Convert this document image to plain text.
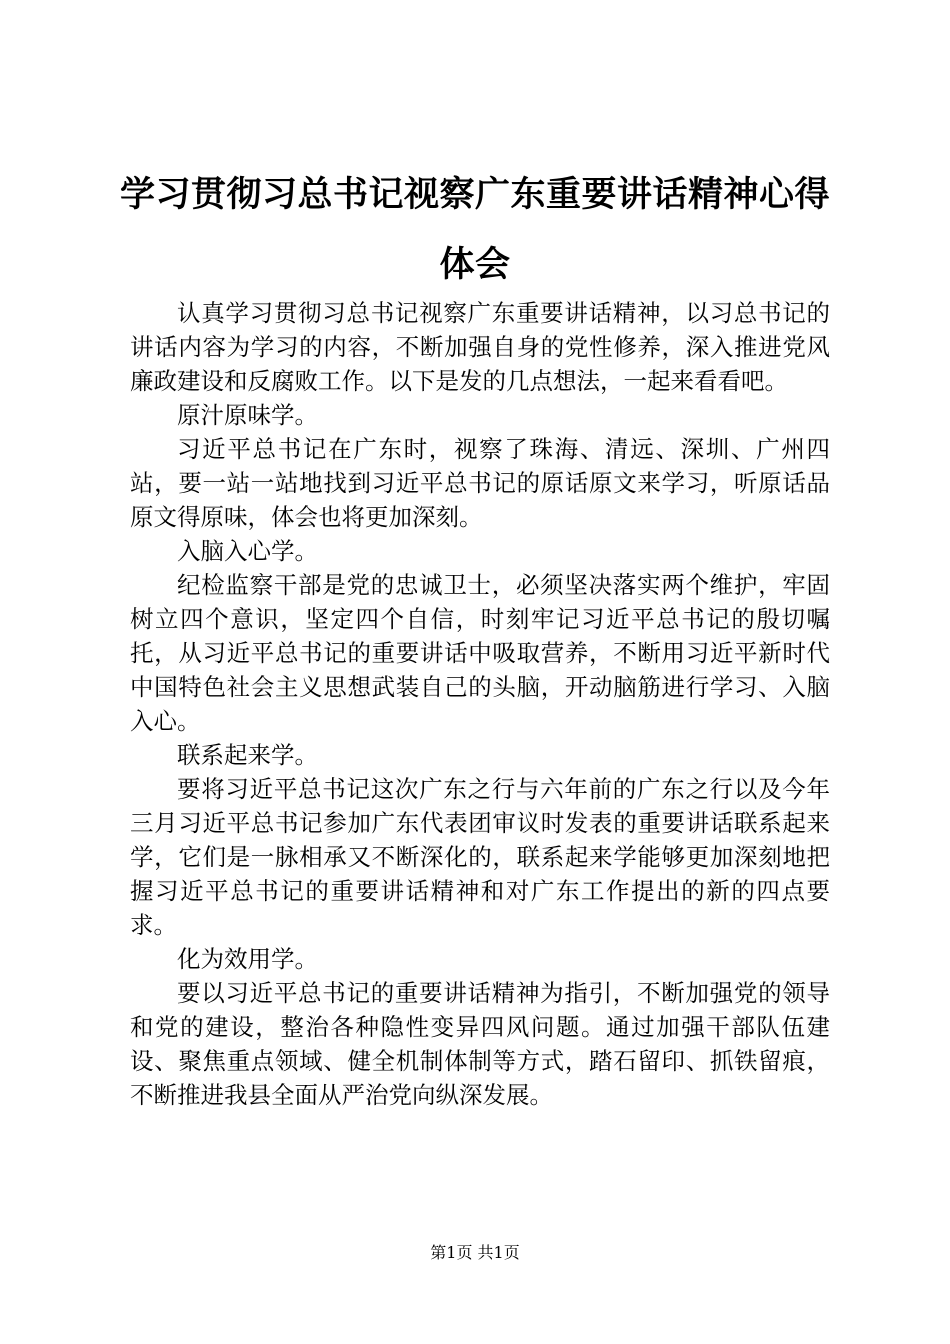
学习贯彻习总书记视察广东重要讲话精神心得体会

认真学习贯彻习总书记视察广东重要讲话精神，以习总书记的讲话内容为学习的内容，不断加强自身的党性修养，深入推进党风廉政建设和反腐败工作。以下是发的几点想法，一起来看看吧。

原汁原味学。

习近平总书记在广东时，视察了珠海、清远、深圳、广州四站，要一站一站地找到习近平总书记的原话原文来学习，听原话品原文得原味，体会也将更加深刻。

入脑入心学。

纪检监察干部是党的忠诚卫士，必须坚决落实两个维护，牢固树立四个意识，坚定四个自信，时刻牢记习近平总书记的殷切嘱托，从习近平总书记的重要讲话中吸取营养，不断用习近平新时代中国特色社会主义思想武装自己的头脑，开动脑筋进行学习、入脑入心。

联系起来学。

要将习近平总书记这次广东之行与六年前的广东之行以及今年三月习近平总书记参加广东代表团审议时发表的重要讲话联系起来学，它们是一脉相承又不断深化的，联系起来学能够更加深刻地把握习近平总书记的重要讲话精神和对广东工作提出的新的四点要求。

化为效用学。

要以习近平总书记的重要讲话精神为指引，不断加强党的领导和党的建设，整治各种隐性变异四风问题。通过加强干部队伍建设、聚焦重点领域、健全机制体制等方式，踏石留印、抓铁留痕，不断推进我县全面从严治党向纵深发展。

第1页 共1页
